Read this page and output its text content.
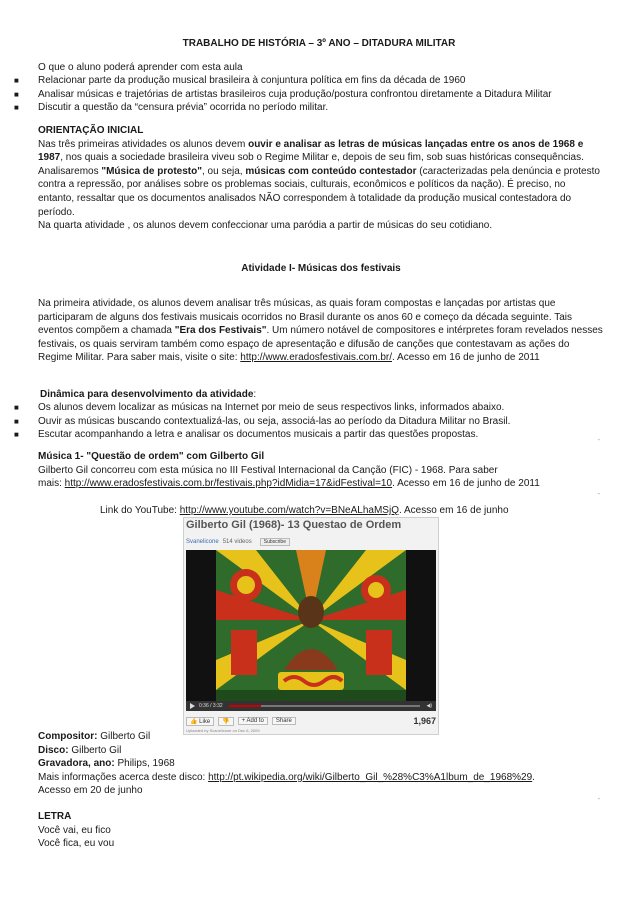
TRABALHO DE HISTÓRIA – 3º ANO – DITADURA MILITAR
O que o aluno poderá aprender com esta aula
■	Relacionar parte da produção musical brasileira à conjuntura política em fins da década de 1960
■	Analisar músicas e trajetórias de artistas brasileiros cuja produção/postura confrontou diretamente a Ditadura Militar
■	Discutir a questão da “censura prévia” ocorrida no período militar.
ORIENTAÇÃO INICIAL

Nas três primeiras atividades os alunos devem ouvir e analisar as letras de músicas lançadas entre os anos de 1968 e 1987, nos quais a sociedade brasileira viveu sob o Regime Militar e, depois de seu fim, sob suas históricas consequências.

Analisaremos "Música de protesto", ou seja, músicas com conteúdo contestador (caracterizadas pela denúncia e protesto contra a repressão, por análises sobre os problemas sociais, culturais, econômicos e políticos da nação). É preciso, no entanto, ressaltar que os documentos analisados NÃO correspondem à totalidade da produção musical contestadora do período.

Na quarta atividade , os alunos devem confeccionar uma paródia a partir de músicas do seu cotidiano.

Atividade I- Músicas dos festivais
Na primeira atividade, os alunos devem analisar três músicas, as quais foram compostas e lançadas por artistas que participaram de alguns dos festivais musicais ocorridos no Brasil durante os anos 60 e começo da década seguinte. Tais eventos compõem a chamada "Era dos Festivais". Um número notável de compositores e intérpretes foram revelados nesses festivais, os quais serviram também como espaço de apresentação e difusão de canções que contestavam as ações do Regime Militar. Para saber mais, visite o site: http://www.eradosfestivais.com.br/. Acesso em 16 de junho de 2011
Dinâmica para desenvolvimento da atividade:
■	Os alunos devem localizar as músicas na Internet por meio de seus respectivos links, informados abaixo.
■	Ouvir as músicas buscando contextualizá-las, ou seja, associá-las ao período da Ditadura Militar no Brasil.
■	Escutar acompanhando a letra e analisar os documentos musicais a partir das questões propostas.
-
Música 1- "Questão de ordem" com Gilberto Gil
Gilberto Gil concorreu com esta música no III Festival Internacional da Canção (FIC) - 1968. Para saber
mais: http://www.eradosfestivais.com.br/festivais.php?idMidia=17&idFestival=10. Acesso em 16 de junho de 2011
-
Link do YouTube: http://www.youtube.com/watch?v=BNeALhaMSjQ. Acesso em 16 de junho
Gilberto Gil (1968)- 13 Questao de Ordem
Svanelicone 514 videos	Subscribe
0:36 / 3:32	◀)
👍 Like	👎	+ Add to	Share	1,967
Uploaded by Svanelicone on Dec 6, 2009
Compositor: Gilberto Gil
Disco: Gilberto Gil
Gravadora, ano: Philips, 1968
Mais informações acerca deste disco: http://pt.wikipedia.org/wiki/Gilberto_Gil_%28%C3%A1lbum_de_1968%29.
Acesso em 20 de junho
-
LETRA
Você vai, eu fico
Você fica, eu vou
